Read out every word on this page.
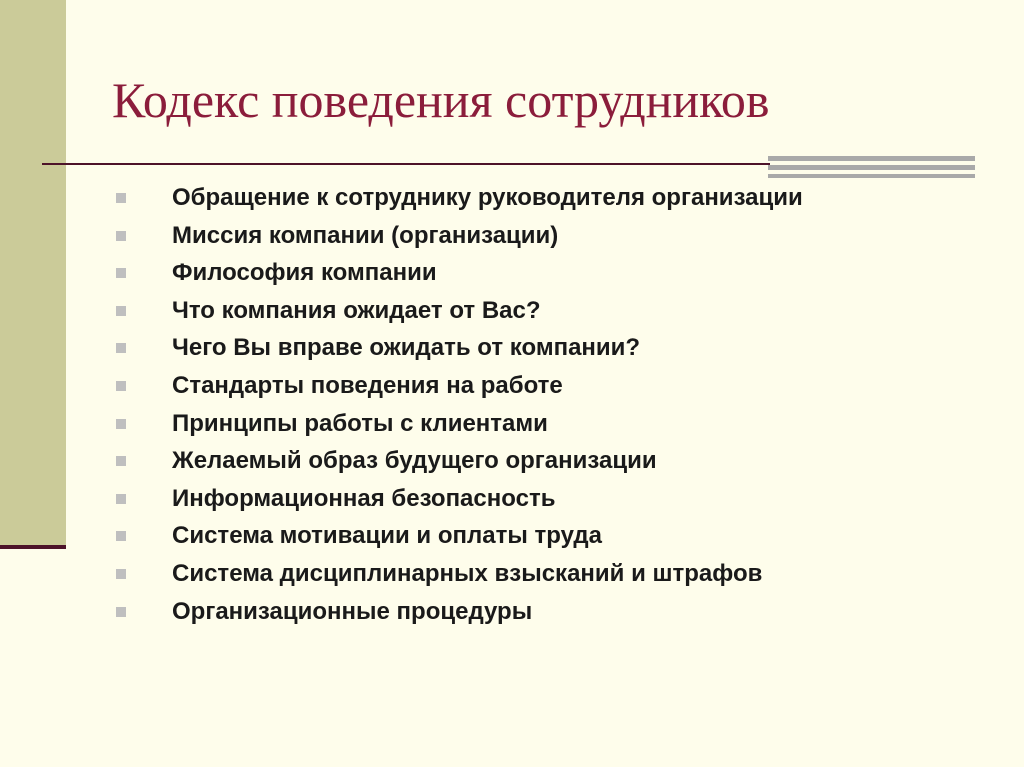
Кодекс поведения сотрудников
Обращение к сотруднику руководителя организации
Миссия компании (организации)
Философия компании
Что компания ожидает от Вас?
Чего Вы вправе ожидать от компании?
Стандарты поведения на работе
Принципы работы с клиентами
Желаемый образ будущего организации
Информационная безопасность
Система мотивации и оплаты труда
Система дисциплинарных взысканий и штрафов
Организационные процедуры
